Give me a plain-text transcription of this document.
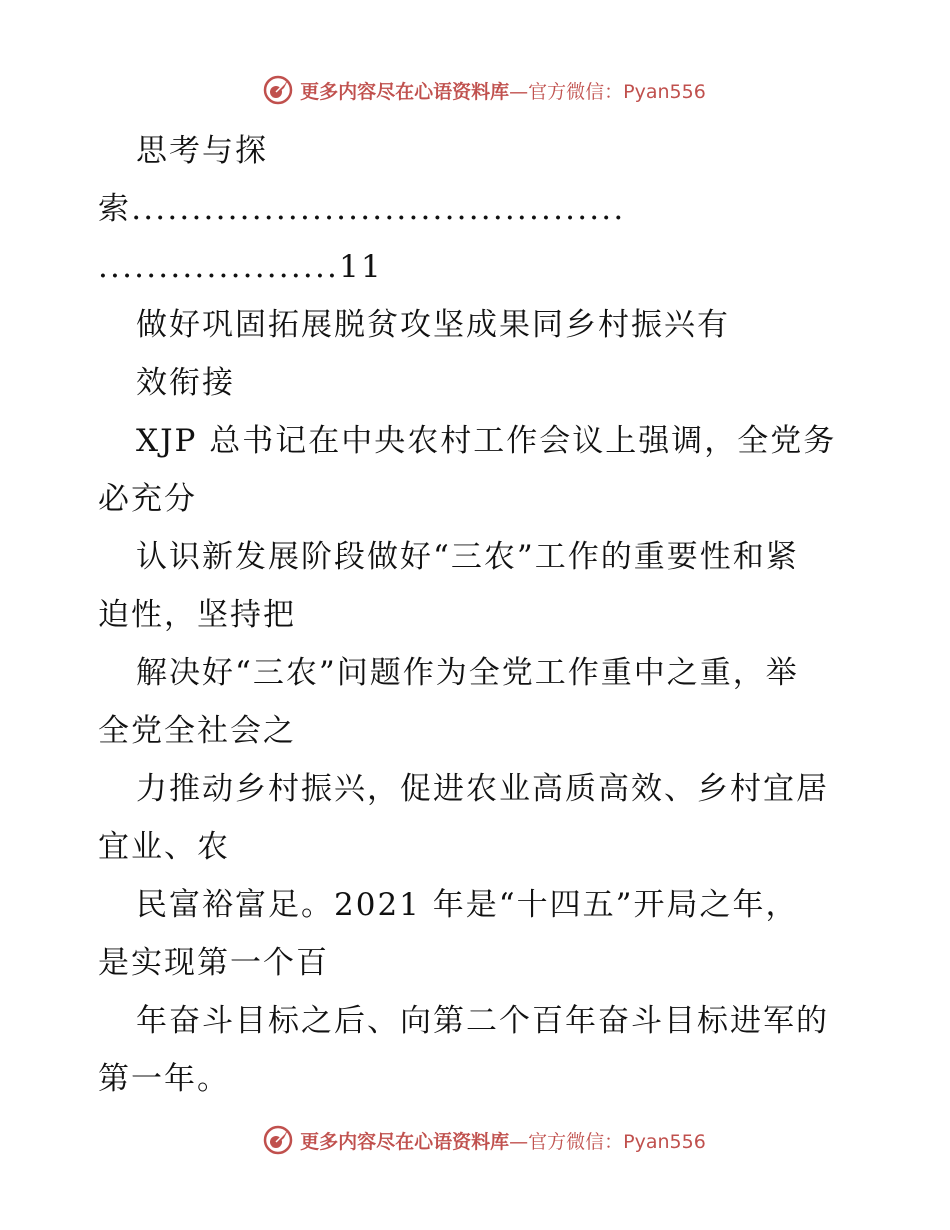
更多内容尽在心语资料库—官方微信：Pyan556
思考与探
索.........................................
....................11
做好巩固拓展脱贫攻坚成果同乡村振兴有
效衔接
XJP 总书记在中央农村工作会议上强调，全党务
必充分
认识新发展阶段做好“三农”工作的重要性和紧
迫性，坚持把
解决好“三农”问题作为全党工作重中之重，举
全党全社会之
力推动乡村振兴，促进农业高质高效、乡村宜居
宜业、农
民富裕富足。2021 年是“十四五”开局之年，
是实现第一个百
年奋斗目标之后、向第二个百年奋斗目标进军的
第一年。
更多内容尽在心语资料库—官方微信：Pyan556
